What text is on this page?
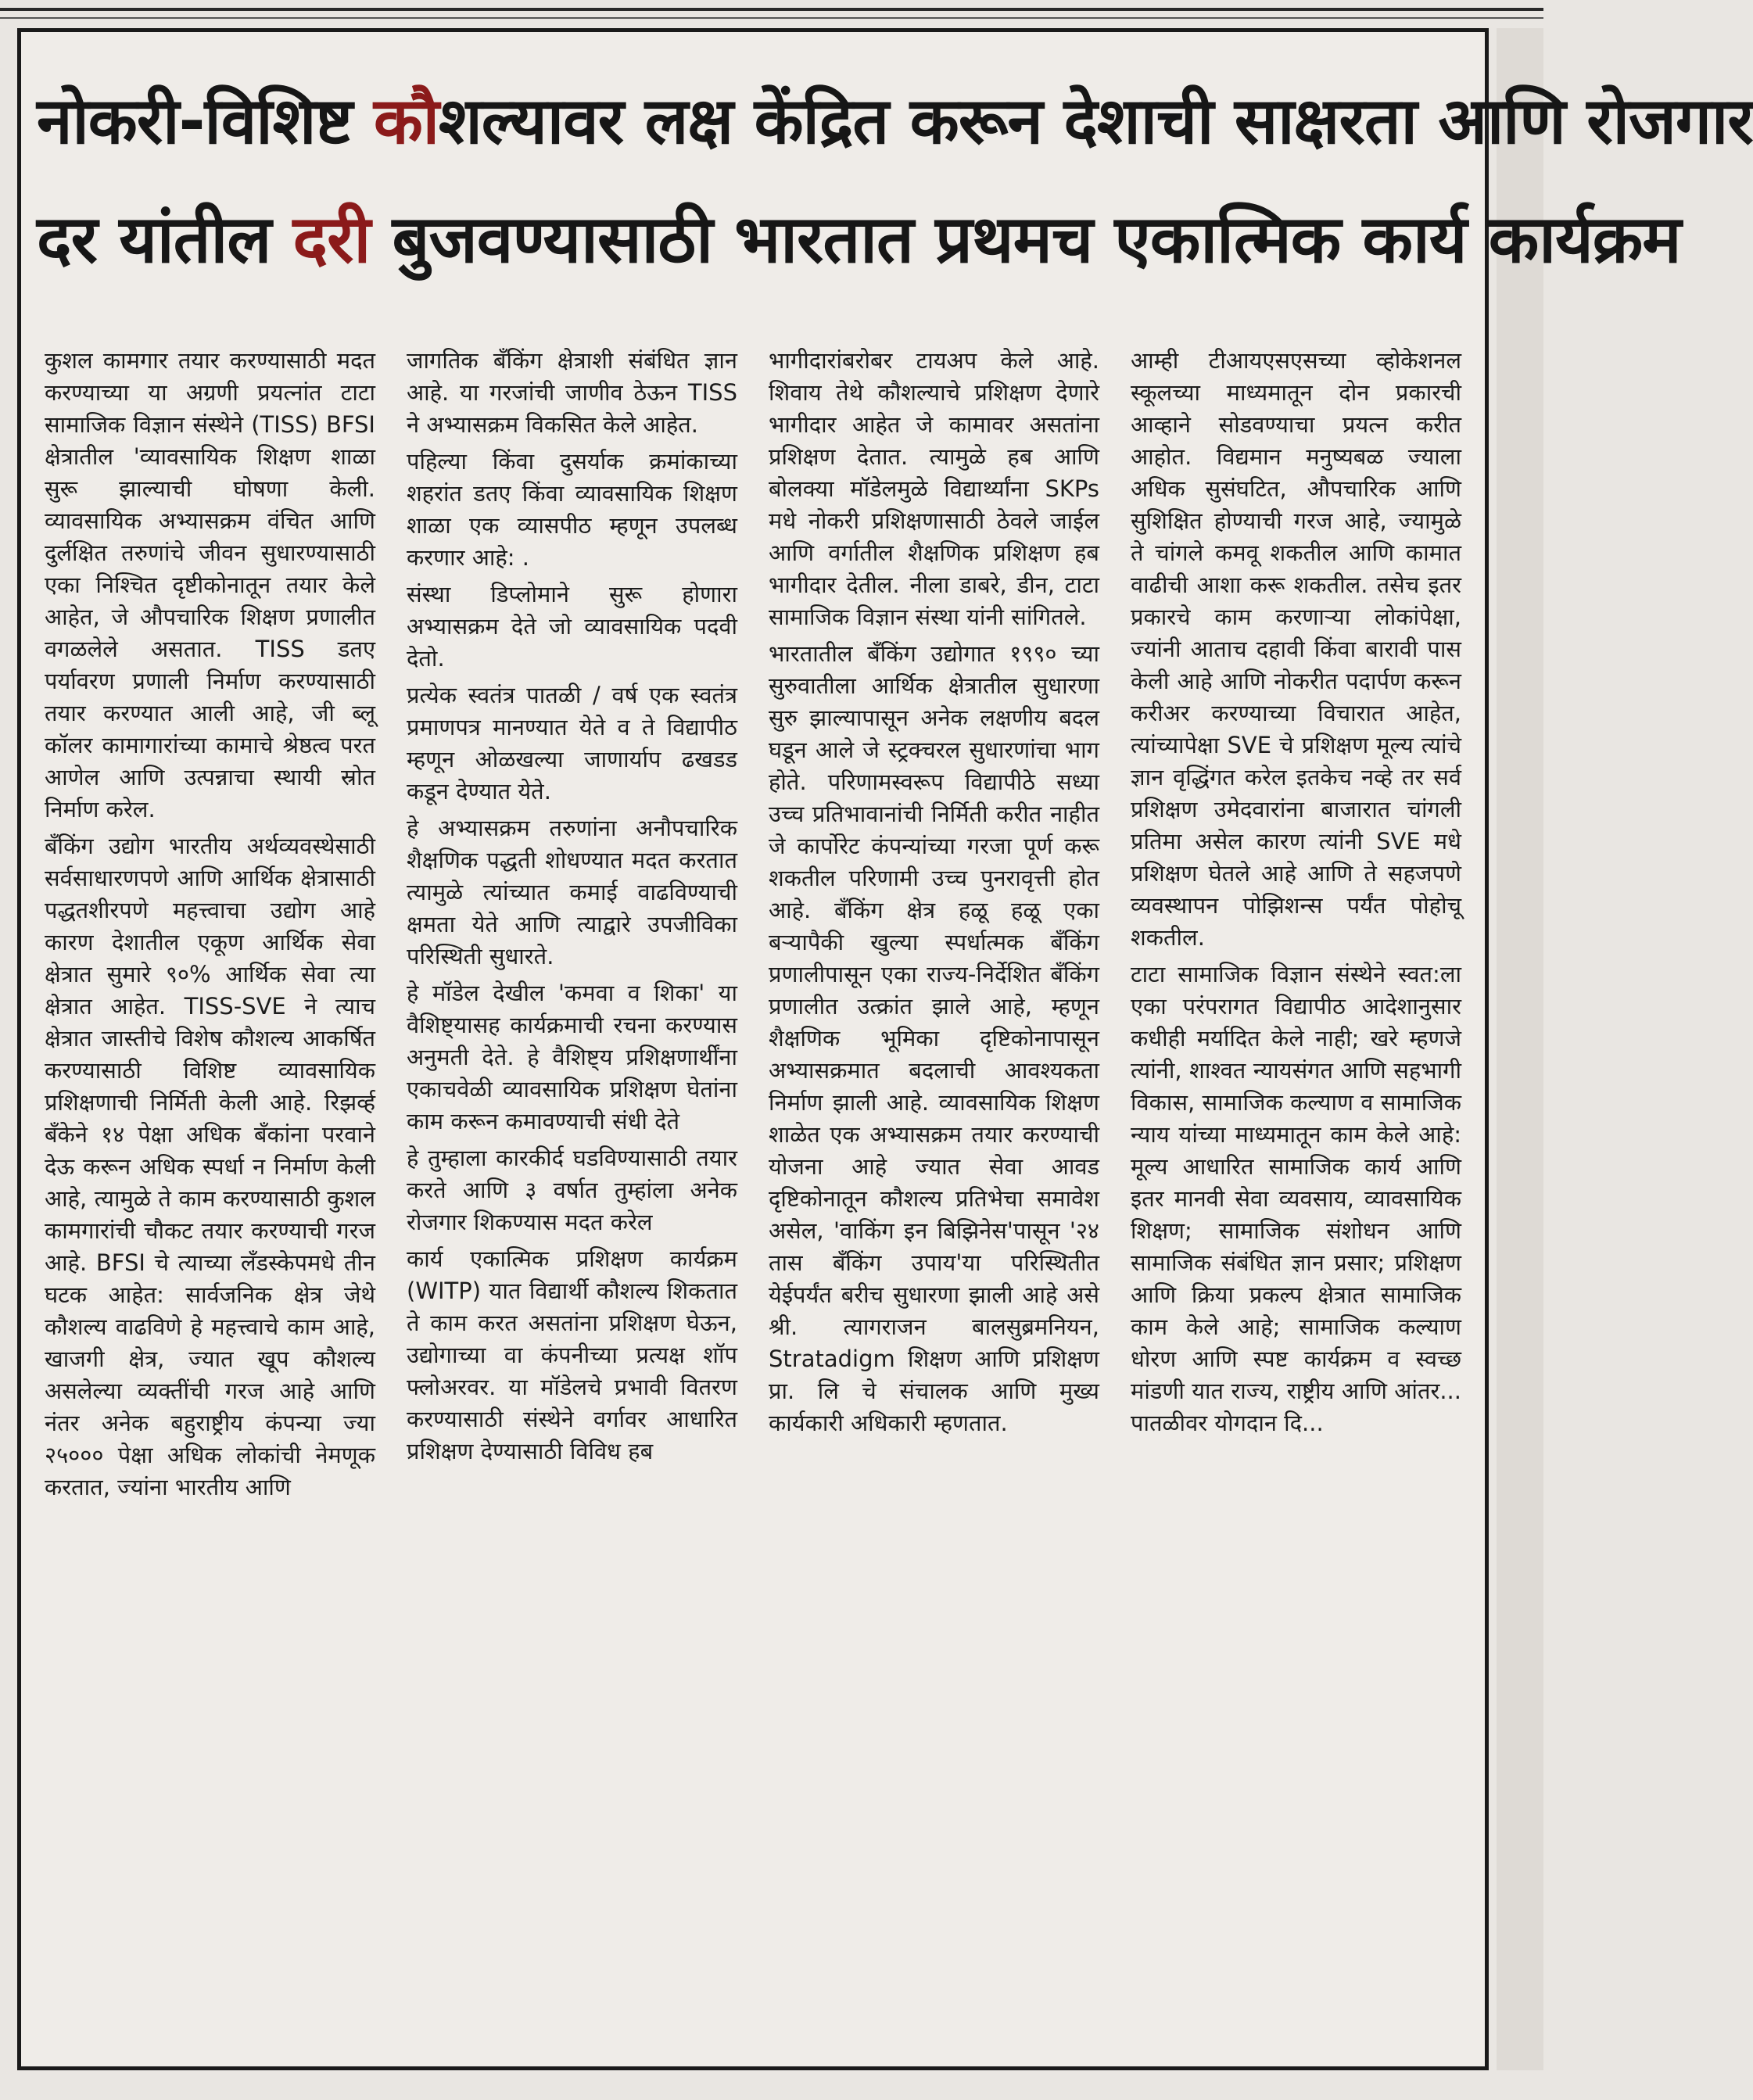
नोकरी-विशिष्ट कौशल्यावर लक्ष केंद्रित करून देशाची साक्षरता आणि रोजगार
दर यांतील दरी बुजवण्यासाठी भारतात प्रथमच एकात्मिक कार्य कार्यक्रम

कुशल कामगार तयार करण्यासाठी मदत करण्याच्या या अग्रणी प्रयत्नांत टाटा सामाजिक विज्ञान संस्थेने (TISS) BFSI क्षेत्रातील 'व्यावसायिक शिक्षण शाळा सुरू झाल्याची घोषणा केली. व्यावसायिक अभ्यासक्रम वंचित आणि दुर्लक्षित तरुणांचे जीवन सुधारण्यासाठी एका निश्चित दृष्टीकोनातून तयार केले आहेत, जे औपचारिक शिक्षण प्रणालीत वगळलेले असतात. TISS डतए पर्यावरण प्रणाली निर्माण करण्यासाठी तयार करण्यात आली आहे, जी ब्लू कॉलर कामागारांच्या कामाचे श्रेष्ठत्व परत आणेल आणि उत्पन्नाचा स्थायी स्रोत निर्माण करेल.

बँकिंग उद्योग भारतीय अर्थव्यवस्थेसाठी सर्वसाधारणपणे आणि आर्थिक क्षेत्रासाठी पद्धतशीरपणे महत्त्वाचा उद्योग आहे कारण देशातील एकूण आर्थिक सेवा क्षेत्रात सुमारे ९०% आर्थिक सेवा त्या क्षेत्रात आहेत. TISS-SVE ने त्याच क्षेत्रात जास्तीचे विशेष कौशल्य आकर्षित करण्यासाठी विशिष्ट व्यावसायिक प्रशिक्षणाची निर्मिती केली आहे. रिझर्व्ह बँकेने १४ पेक्षा अधिक बँकांना परवाने देऊ करून अधिक स्पर्धा न निर्माण केली आहे, त्यामुळे ते काम करण्यासाठी कुशल कामगारांची चौकट तयार करण्याची गरज आहे. BFSI चे त्याच्या लँडस्केपमधे तीन घटक आहेत: सार्वजनिक क्षेत्र जेथे कौशल्य वाढविणे हे महत्त्वाचे काम आहे, खाजगी क्षेत्र, ज्यात खूप कौशल्य असलेल्या व्यक्तींची गरज आहे आणि नंतर अनेक बहुराष्ट्रीय कंपन्या ज्या २५००० पेक्षा अधिक लोकांची नेमणूक करतात, ज्यांना भारतीय आणि

जागतिक बँकिंग क्षेत्राशी संबंधित ज्ञान आहे. या गरजांची जाणीव ठेऊन TISS ने अभ्यासक्रम विकसित केले आहेत.

पहिल्या किंवा दुसर्याक क्रमांकाच्या शहरांत डतए किंवा व्यावसायिक शिक्षण शाळा एक व्यासपीठ म्हणून उपलब्ध करणार आहे: .

संस्था डिप्लोमाने सुरू होणारा अभ्यासक्रम देते जो व्यावसायिक पदवी देतो.

प्रत्येक स्वतंत्र पातळी / वर्ष एक स्वतंत्र प्रमाणपत्र मानण्यात येते व ते विद्यापीठ म्हणून ओळखल्या जाणार्याप ढखडड कडून देण्यात येते.

हे अभ्यासक्रम तरुणांना अनौपचारिक शैक्षणिक पद्धती शोधण्यात मदत करतात त्यामुळे त्यांच्यात कमाई वाढविण्याची क्षमता येते आणि त्याद्वारे उपजीविका परिस्थिती सुधारते.

हे मॉडेल देखील 'कमवा व शिका' या वैशिष्ट्यासह कार्यक्रमाची रचना करण्यास अनुमती देते. हे वैशिष्ट्य प्रशिक्षणार्थींना एकाचवेळी व्यावसायिक प्रशिक्षण घेतांना काम करून कमावण्याची संधी देते

हे तुम्हाला कारकीर्द घडविण्यासाठी तयार करते आणि ३ वर्षात तुम्हांला अनेक रोजगार शिकण्यास मदत करेल

कार्य एकात्मिक प्रशिक्षण कार्यक्रम (WITP) यात विद्यार्थी कौशल्य शिकतात ते काम करत असतांना प्रशिक्षण घेऊन, उद्योगाच्या वा कंपनीच्या प्रत्यक्ष शॉप फ्लोअरवर. या मॉडेलचे प्रभावी वितरण करण्यासाठी संस्थेने वर्गावर आधारित प्रशिक्षण देण्यासाठी विविध हब

भागीदारांबरोबर टायअप केले आहे. शिवाय तेथे कौशल्याचे प्रशिक्षण देणारे भागीदार आहेत जे कामावर असतांना प्रशिक्षण देतात. त्यामुळे हब आणि बोलक्या मॉडेलमुळे विद्यार्थ्यांना SKPs मधे नोकरी प्रशिक्षणासाठी ठेवले जाईल आणि वर्गातील शैक्षणिक प्रशिक्षण हब भागीदार देतील. नीला डाबरे, डीन, टाटा सामाजिक विज्ञान संस्था यांनी सांगितले.

भारतातील बँकिंग उद्योगात १९९० च्या सुरुवातीला आर्थिक क्षेत्रातील सुधारणा सुरु झाल्यापासून अनेक लक्षणीय बदल घडून आले जे स्ट्रक्चरल सुधारणांचा भाग होते. परिणामस्वरूप विद्यापीठे सध्या उच्च प्रतिभावानांची निर्मिती करीत नाहीत जे कार्पोरेट कंपन्यांच्या गरजा पूर्ण करू शकतील परिणामी उच्च पुनरावृत्ती होत आहे. बँकिंग क्षेत्र हळू हळू एका बऱ्यापैकी खुल्या स्पर्धात्मक बँकिंग प्रणालीपासून एका राज्य-निर्देशित बँकिंग प्रणालीत उत्क्रांत झाले आहे, म्हणून शैक्षणिक भूमिका दृष्टिकोनापासून अभ्यासक्रमात बदलाची आवश्यकता निर्माण झाली आहे. व्यावसायिक शिक्षण शाळेत एक अभ्यासक्रम तयार करण्याची योजना आहे ज्यात सेवा आवड दृष्टिकोनातून कौशल्य प्रतिभेचा समावेश असेल, 'वाकिंग इन बिझिनेस'पासून '२४ तास बँकिंग उपाय'या परिस्थितीत येईपर्यंत बरीच सुधारणा झाली आहे असे श्री. त्यागराजन बालसुब्रमनियन, Stratadigm शिक्षण आणि प्रशिक्षण प्रा. लि चे संचालक आणि मुख्य कार्यकारी अधिकारी म्हणतात.

आम्ही टीआयएसएसच्या व्होकेशनल स्कूलच्या माध्यमातून दोन प्रकारची आव्हाने सोडवण्याचा प्रयत्न करीत आहोत. विद्यमान मनुष्यबळ ज्याला अधिक सुसंघटित, औपचारिक आणि सुशिक्षित होण्याची गरज आहे, ज्यामुळे ते चांगले कमवू शकतील आणि कामात वाढीची आशा करू शकतील. तसेच इतर प्रकारचे काम करणाऱ्या लोकांपेक्षा, ज्यांनी आताच दहावी किंवा बारावी पास केली आहे आणि नोकरीत पदार्पण करून करीअर करण्याच्या विचारात आहेत, त्यांच्यापेक्षा SVE चे प्रशिक्षण मूल्य त्यांचे ज्ञान वृद्धिंगत करेल इतकेच नव्हे तर सर्व प्रशिक्षण उमेदवारांना बाजारात चांगली प्रतिमा असेल कारण त्यांनी SVE मधे प्रशिक्षण घेतले आहे आणि ते सहजपणे व्यवस्थापन पोझिशन्स पर्यंत पोहोचू शकतील.

टाटा सामाजिक विज्ञान संस्थेने स्वत:ला एका परंपरागत विद्यापीठ आदेशानुसार कधीही मर्यादित केले नाही; खरे म्हणजे त्यांनी, शाश्वत न्यायसंगत आणि सहभागी विकास, सामाजिक कल्याण व सामाजिक न्याय यांच्या माध्यमातून काम केले आहे: मूल्य आधारित सामाजिक कार्य आणि इतर मानवी सेवा व्यवसाय, व्यावसायिक शिक्षण; सामाजिक संशोधन आणि सामाजिक संबंधित ज्ञान प्रसार; प्रशिक्षण आणि क्रिया प्रकल्प क्षेत्रात सामाजिक काम केले आहे; सामाजिक कल्याण धोरण आणि स्पष्ट कार्यक्रम व स्वच्छ मांडणी यात राज्य, राष्ट्रीय आणि आंतर... पातळीवर योगदान दि...
